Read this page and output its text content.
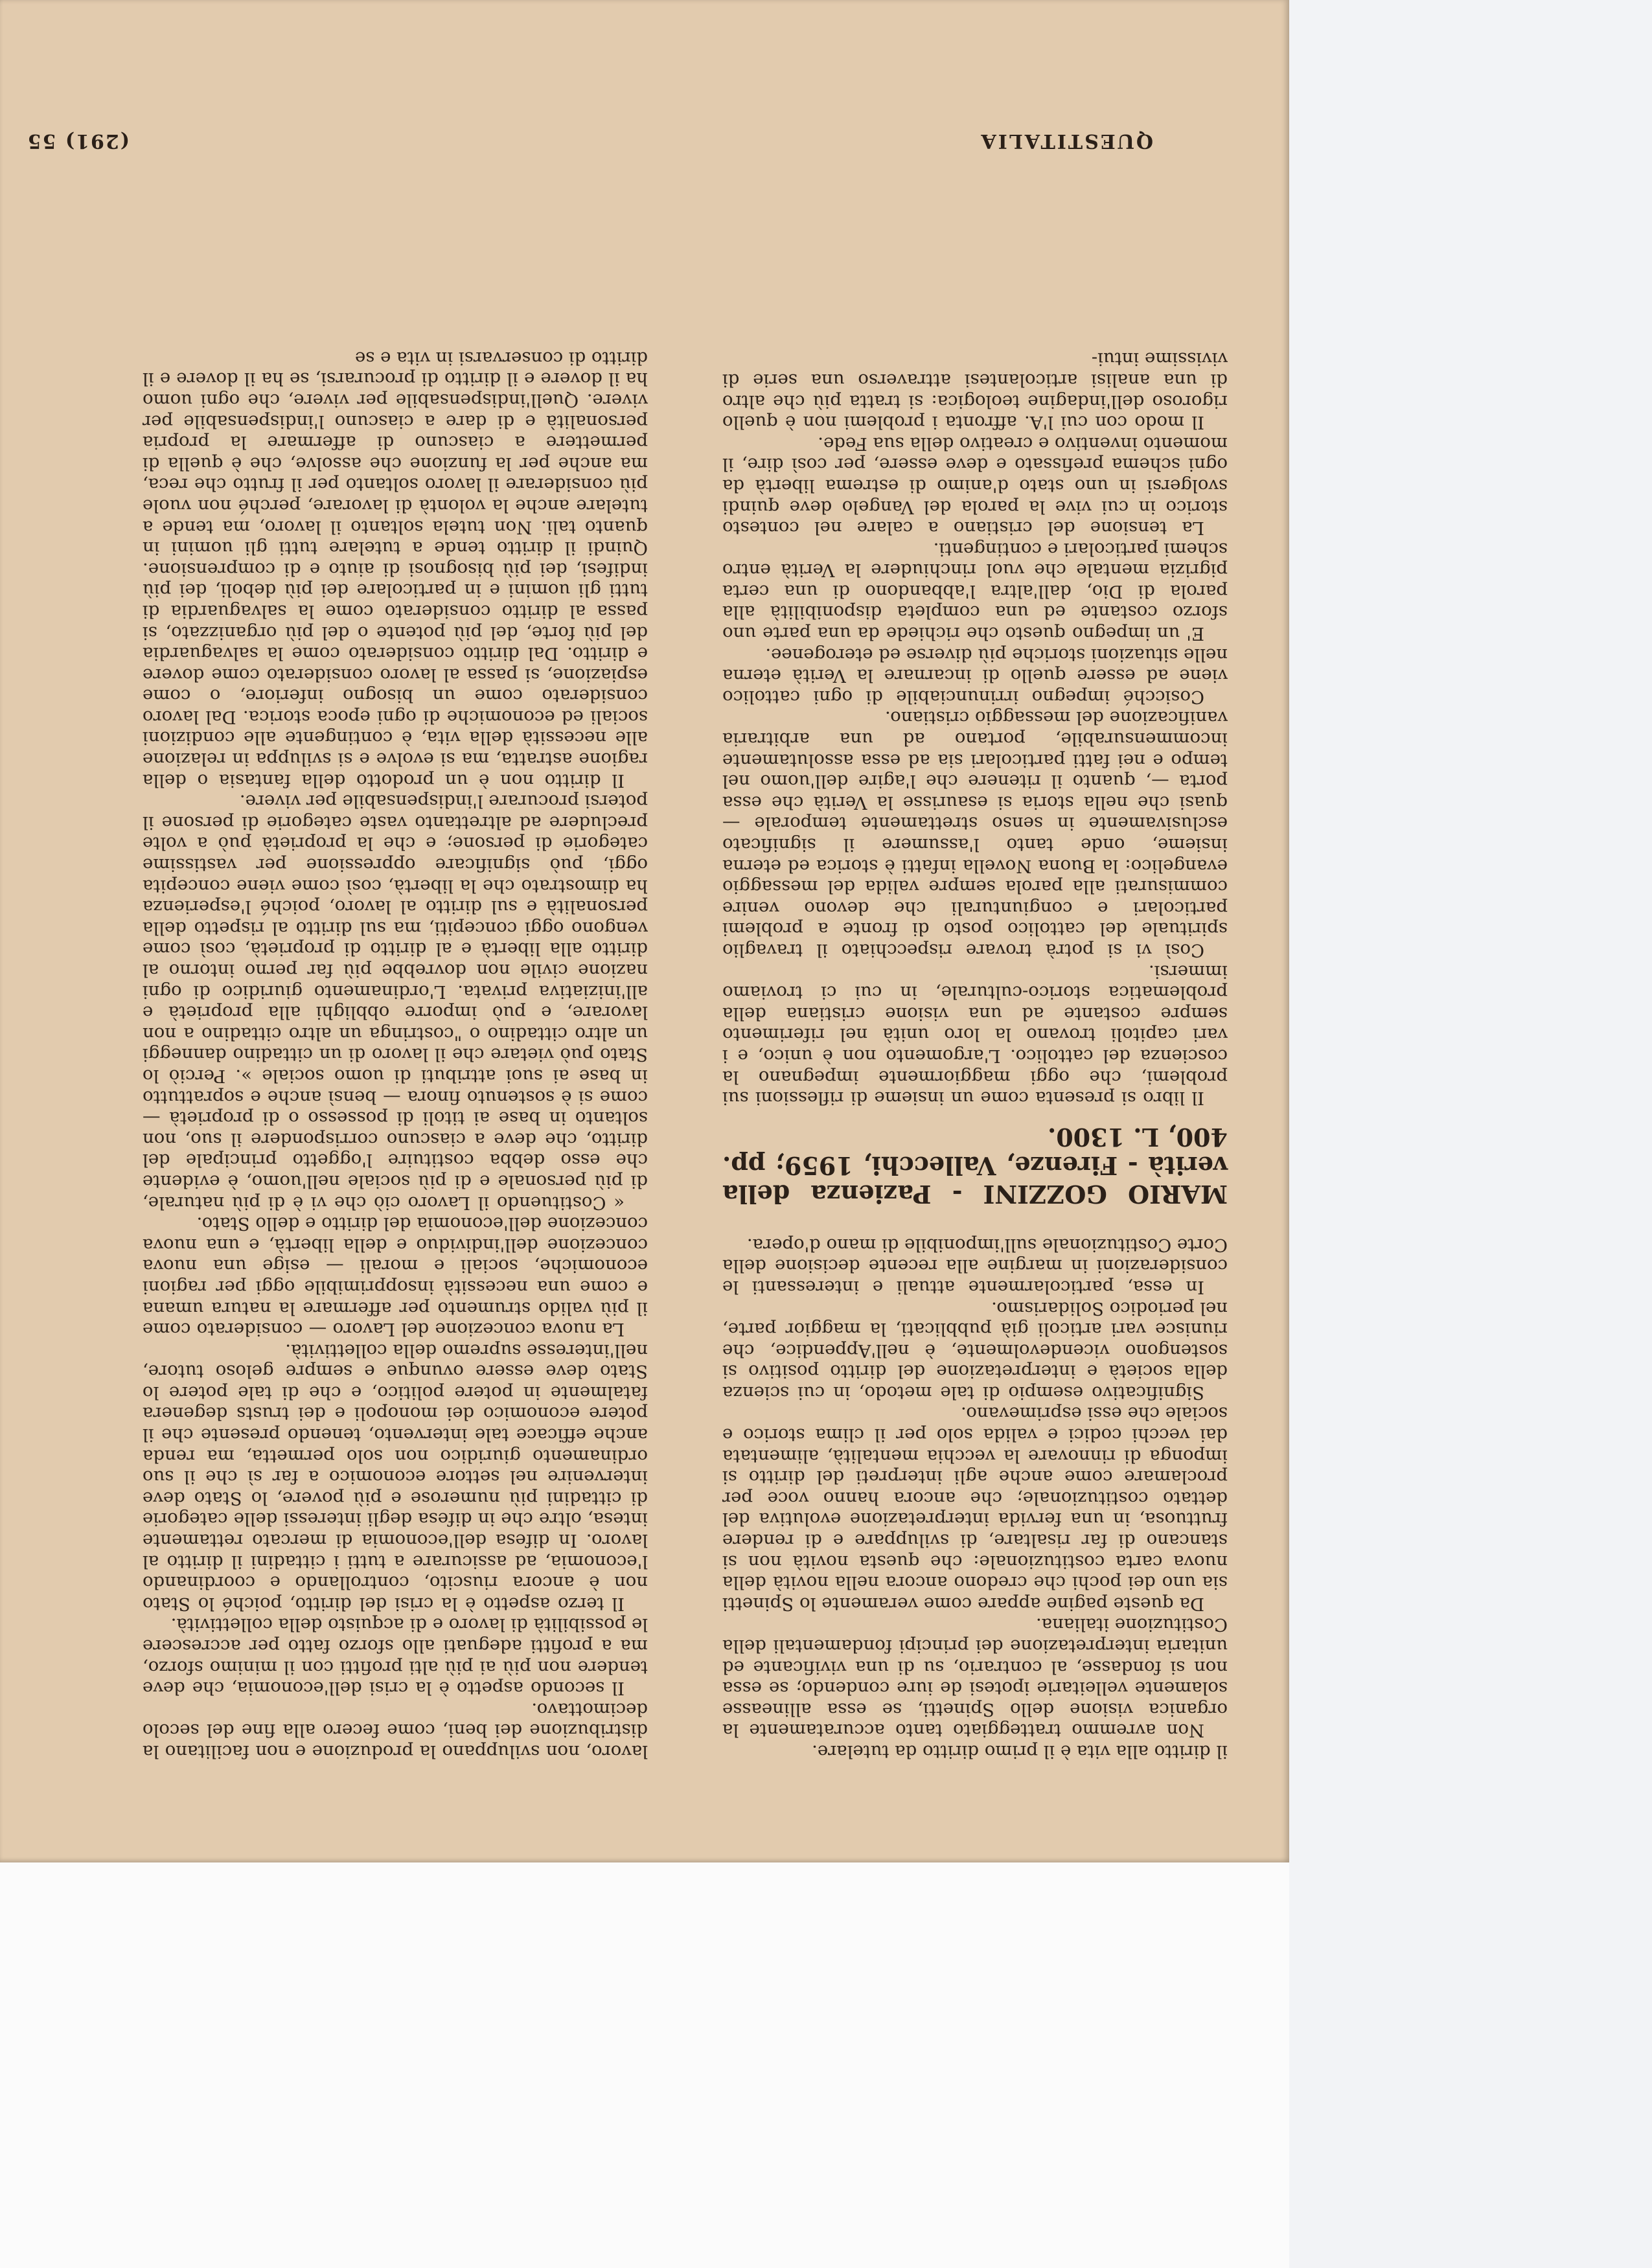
(291) 55	QUESTITALIA

lavoro, non sviluppano la produzione e non facilitano la distribuzione dei beni, come fecero alla fine del secolo decimottavo.

Il secondo aspetto è la crisi dell'economia, che deve tendere non più ai più alti profitti con il minimo sforzo, ma a profitti adeguati allo sforzo fatto per accrescere le possibilità di lavoro e di acquisto della collettività.

Il terzo aspetto è la crisi del diritto, poiché lo Stato non è ancora riuscito, controllando e coordinando l'economia, ad assicurare a tutti i cittadini il diritto al lavoro. In difesa dell'economia di mercato rettamente intesa, oltre che in difesa degli interessi delle categorie di cittadini più numerose e più povere, lo Stato deve intervenire nel settore economico a far sì che il suo ordinamento giuridico non solo permetta, ma renda anche efficace tale intervento, tenendo presente che il potere economico dei monopoli e dei trusts degenera fatalmente in potere politico, e che di tale potere lo Stato deve essere ovunque e sempre geloso tutore, nell'interesse supremo della collettività.

La nuova concezione del Lavoro — considerato come il più valido strumento per affermare la natura umana e come una necessità insopprimibile oggi per ragioni economiche, sociali e morali — esige una nuova concezione dell'individuo e della libertà, e una nuova concezione dell'economia del diritto e dello Stato.

« Costituendo il Lavoro ciò che vi è di più naturale, di più personale e di più sociale nell'uomo, è evidente che esso debba costituire l'oggetto principale del diritto, che deve a ciascuno corrispondere il suo, non soltanto in base ai titoli di possesso o di proprietà — come si è sostenuto finora — bensì anche e soprattutto in base ai suoi attributi di uomo sociale ». Perciò lo Stato può vietare che il lavoro di un cittadino danneggi un altro cittadino o "costringa un altro cittadino a non lavorare, e può imporre obblighi alla proprietà e all'iniziativa privata. L'ordinamento giuridico di ogni nazione civile non dovrebbe più far perno intorno al diritto alla libertà e al diritto di proprietà, così come vengono oggi concepiti, ma sul diritto al rispetto della personalità e sul diritto al lavoro, poiché l'esperienza ha dimostrato che la libertà, così come viene concepita oggi, può significare oppressione per vastissime categorie di persone; e che la proprietà può a volte precludere ad altrettanto vaste categorie di persone il potersi procurare l'indispensabile per vivere.

Il diritto non è un prodotto della fantasia o della ragione astratta, ma si evolve e si sviluppa in relazione alle necessità della vita, è contingente alle condizioni sociali ed economiche di ogni epoca storica. Dal lavoro considerato come un bisogno inferiore, o come espiazione, si passa al lavoro considerato come dovere e diritto. Dal diritto considerato come la salvaguardia del più forte, del più potente o del più organizzato, si passa al diritto considerato come la salvaguardia di tutti gli uomini e in particolare dei più deboli, dei più indifesi, dei più bisognosi di aiuto e di comprensione. Quindi il diritto tende a tutelare tutti gli uomini in quanto tali. Non tutela soltanto il lavoro, ma tende a tutelare anche la volontà di lavorare, perché non vuole più considerare il lavoro soltanto per il frutto che reca, ma anche per la funzione che assolve, che è quella di permettere a ciascuno di affermare la propria personalità e di dare a ciascuno l'indispensabile per vivere. Quell'indispensabile per vivere, che ogni uomo ha il dovere e il diritto di procurarsi, se ha il dovere e il diritto di conservarsi in vita e se

il diritto alla vita è il primo diritto da tutelare.

Non avremmo tratteggiato tanto accuratamente la organica visione dello Spinetti, se essa allineasse solamente velleitarie ipotesi de iure condendo; se essa non si fondasse, al contrario, su di una vivificante ed unitaria interpretazione dei principi fondamentali della Costituzione italiana.

Da queste pagine appare come veramente lo Spinetti sia uno dei pochi che credono ancora nella novità della nuova carta costituzionale: che questa novità non si stancano di far risaltare, di sviluppare e di rendere fruttuosa, in una fervida interpretazione evolutiva del dettato costituzionale; che ancora hanno voce per proclamare come anche agli interpreti del diritto si imponga di rinnovare la vecchia mentalità, alimentata dai vecchi codici e valida solo per il clima storico e sociale che essi esprimevano.

Significativo esempio di tale metodo, in cui scienza della società e interpretazione del diritto positivo si sostengono vicendevolmente, è nell'Appendice, che riunisce vari articoli già pubblicati, la maggior parte, nel periodico Solidarismo.

In essa, particolarmente attuali e interessanti le considerazioni in margine alla recente decisione della Corte Costituzionale sull'imponibile di mano d'opera.

MARIO GOZZINI - Pazienza della verità - Firenze, Vallecchi, 1959; pp. 400, L. 1300.

Il libro si presenta come un insieme di riflessioni sui problemi, che oggi maggiormente impegnano la coscienza del cattolico. L'argomento non è unico, e i vari capitoli trovano la loro unità nel riferimento sempre costante ad una visione cristiana della problematica storico-culturale, in cui ci troviamo immersi.

Così vi si potrà trovare rispecchiato il travaglio spirituale del cattolico posto di fronte a problemi particolari e congiunturali che devono venire commisurati alla parola sempre valida del messaggio evangelico: la Buona Novella infatti è storica ed eterna insieme, onde tanto l'assumere il significato esclusivamente in senso strettamente temporale — quasi che nella storia si esaurisse la Verità che essa porta —, quanto il ritenere che l'agire dell'uomo nel tempo e nei fatti particolari sia ad essa assolutamente incommensurabile, portano ad una arbitraria vanificazione del messaggio cristiano.

Cosicché impegno irrinunciabile di ogni cattolico viene ad essere quello di incarnare la Verità eterna nelle situazioni storiche più diverse ed eterogenee.

E' un impegno questo che richiede da una parte uno sforzo costante ed una completa disponibilità alla parola di Dio, dall'altra l'abbandono di una certa pigrizia mentale che vuol rinchiudere la Verità entro schemi particolari e contingenti.

La tensione del cristiano a calare nel contesto storico in cui vive la parola del Vangelo deve quindi svolgersi in uno stato d'animo di estrema libertà da ogni schema prefissato e deve essere, per così dire, il momento inventivo e creativo della sua Fede.

Il modo con cui l'A. affronta i problemi non è quello rigoroso dell'indagine teologica: si tratta più che altro di una analisi articolantesi attraverso una serie di vivissime intui-
